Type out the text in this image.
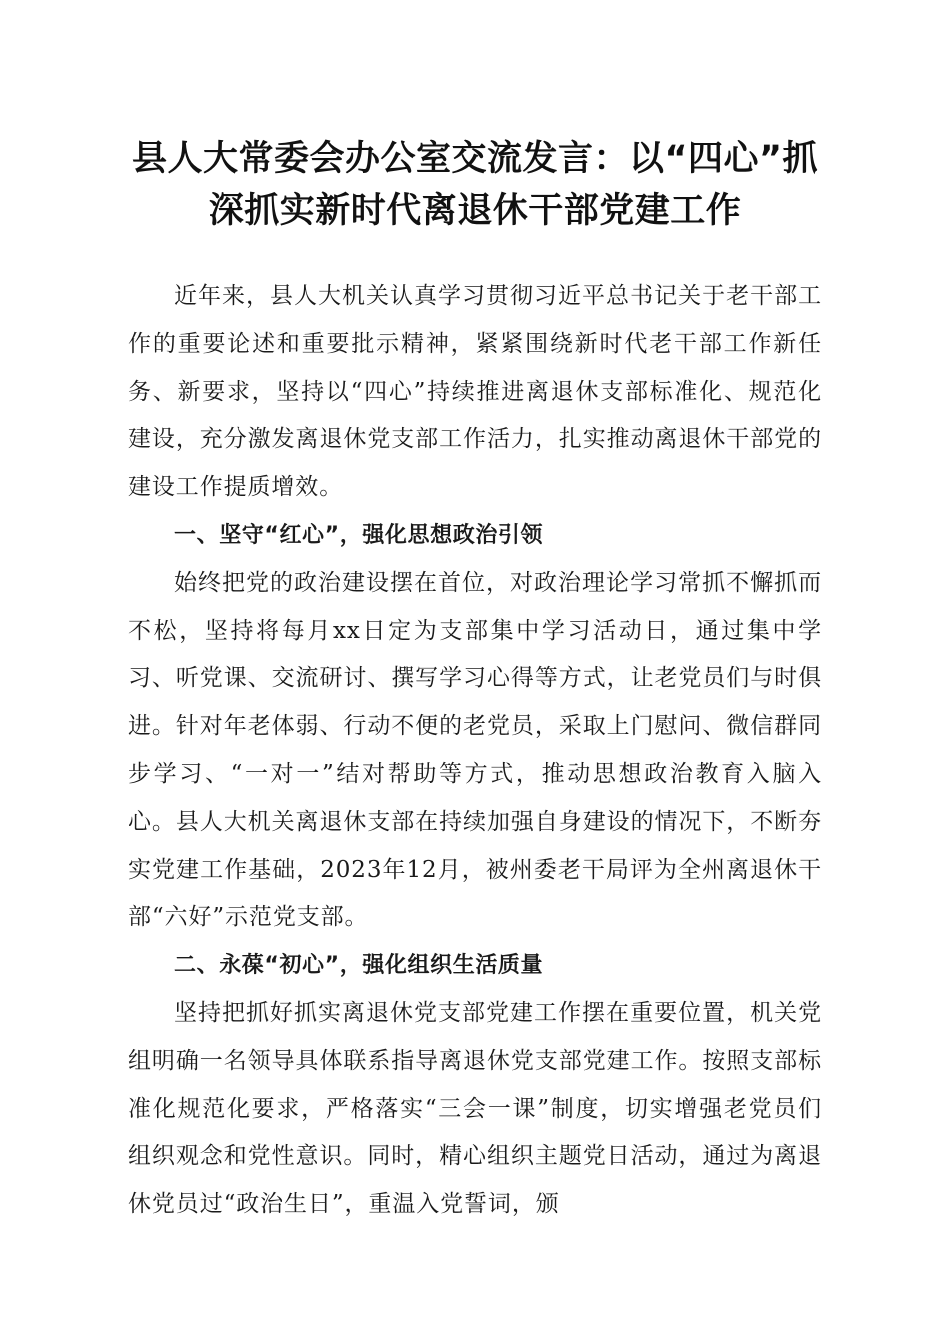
县人大常委会办公室交流发言：以“四心”抓
深抓实新时代离退休干部党建工作

近年来，县人大机关认真学习贯彻习近平总书记关于老干部工作的重要论述和重要批示精神，紧紧围绕新时代老干部工作新任务、新要求，坚持以“四心”持续推进离退休支部标准化、规范化建设，充分激发离退休党支部工作活力，扎实推动离退休干部党的建设工作提质增效。

一、坚守“红心”，强化思想政治引领

始终把党的政治建设摆在首位，对政治理论学习常抓不懈抓而不松，坚持将每月xx日定为支部集中学习活动日，通过集中学习、听党课、交流研讨、撰写学习心得等方式，让老党员们与时俱进。针对年老体弱、行动不便的老党员，采取上门慰问、微信群同步学习、“一对一”结对帮助等方式，推动思想政治教育入脑入心。县人大机关离退休支部在持续加强自身建设的情况下，不断夯实党建工作基础，2023年12月，被州委老干局评为全州离退休干部“六好”示范党支部。

二、永葆“初心”，强化组织生活质量

坚持把抓好抓实离退休党支部党建工作摆在重要位置，机关党组明确一名领导具体联系指导离退休党支部党建工作。按照支部标准化规范化要求，严格落实“三会一课”制度，切实增强老党员们组织观念和党性意识。同时，精心组织主题党日活动，通过为离退休党员过“政治生日”，重温入党誓词，颁
